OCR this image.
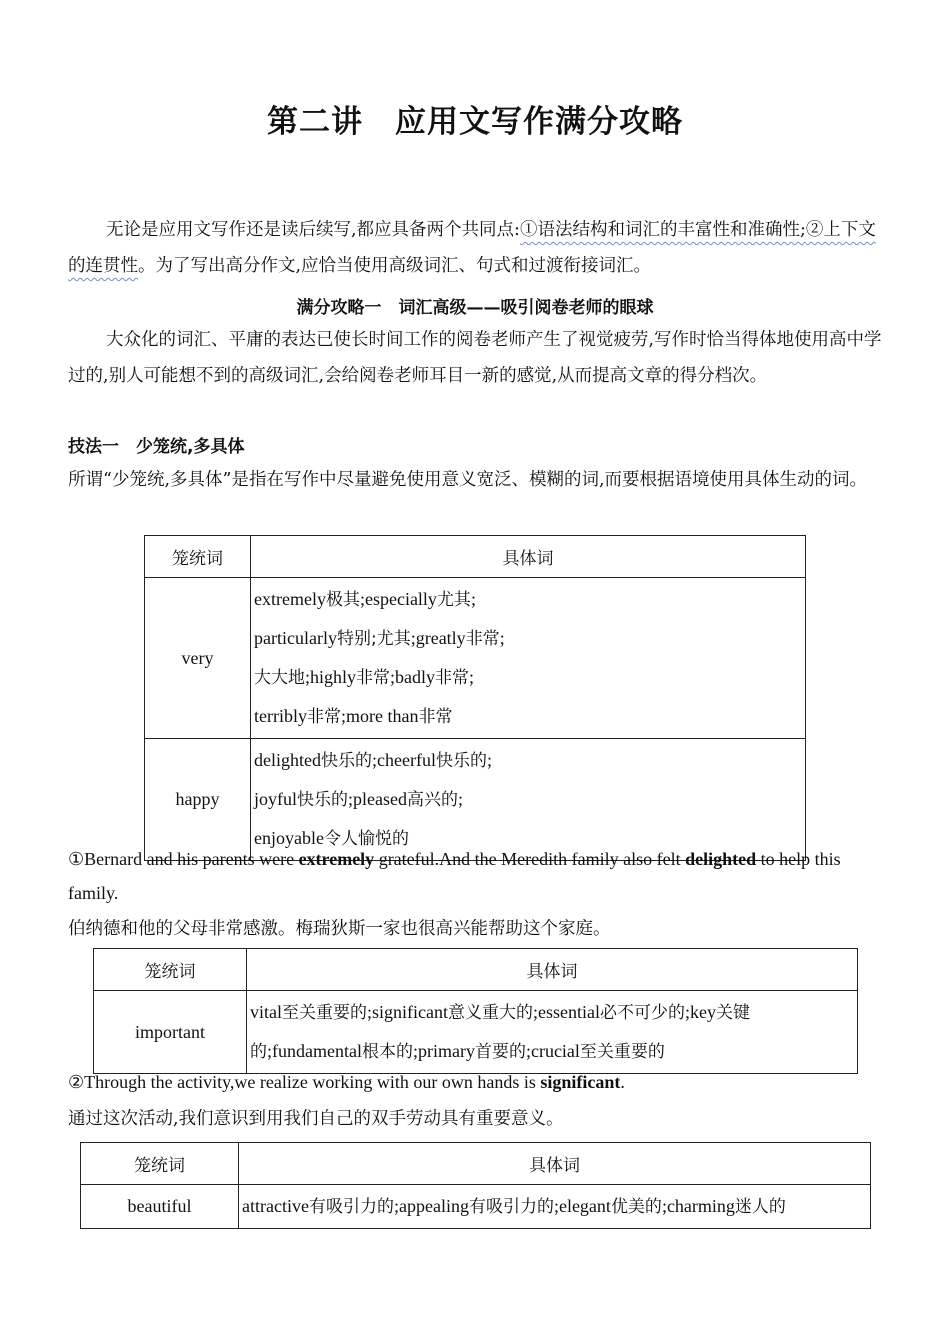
第二讲　应用文写作满分攻略
无论是应用文写作还是读后续写,都应具备两个共同点:①语法结构和词汇的丰富性和准确性;②上下文的连贯性。为了写出高分作文,应恰当使用高级词汇、句式和过渡衔接词汇。
满分攻略一　词汇高级——吸引阅卷老师的眼球
大众化的词汇、平庸的表达已使长时间工作的阅卷老师产生了视觉疲劳,写作时恰当得体地使用高中学过的,别人可能想不到的高级词汇,会给阅卷老师耳目一新的感觉,从而提高文章的得分档次。
技法一　少笼统,多具体
所谓“少笼统,多具体”是指在写作中尽量避免使用意义宽泛、模糊的词,而要根据语境使用具体生动的词。
笼统词	具体词
very	extremely极其;especially尤其;
particularly特别;尤其;greatly非常;
大大地;highly非常;badly非常;
terribly非常;more than非常

happy	delighted快乐的;cheerful快乐的;
joyful快乐的;pleased高兴的;
enjoyable令人愉悦的
①Bernard and his parents were extremely grateful.And the Meredith family also felt delighted to help this family.
伯纳德和他的父母非常感激。梅瑞狄斯一家也很高兴能帮助这个家庭。
笼统词	具体词
important	vital至关重要的;significant意义重大的;essential必不可少的;key关键
的;fundamental根本的;primary首要的;crucial至关重要的
②Through the activity,we realize working with our own hands is significant.
通过这次活动,我们意识到用我们自己的双手劳动具有重要意义。
笼统词	具体词
beautiful	attractive有吸引力的;appealing有吸引力的;elegant优美的;charming迷人的
